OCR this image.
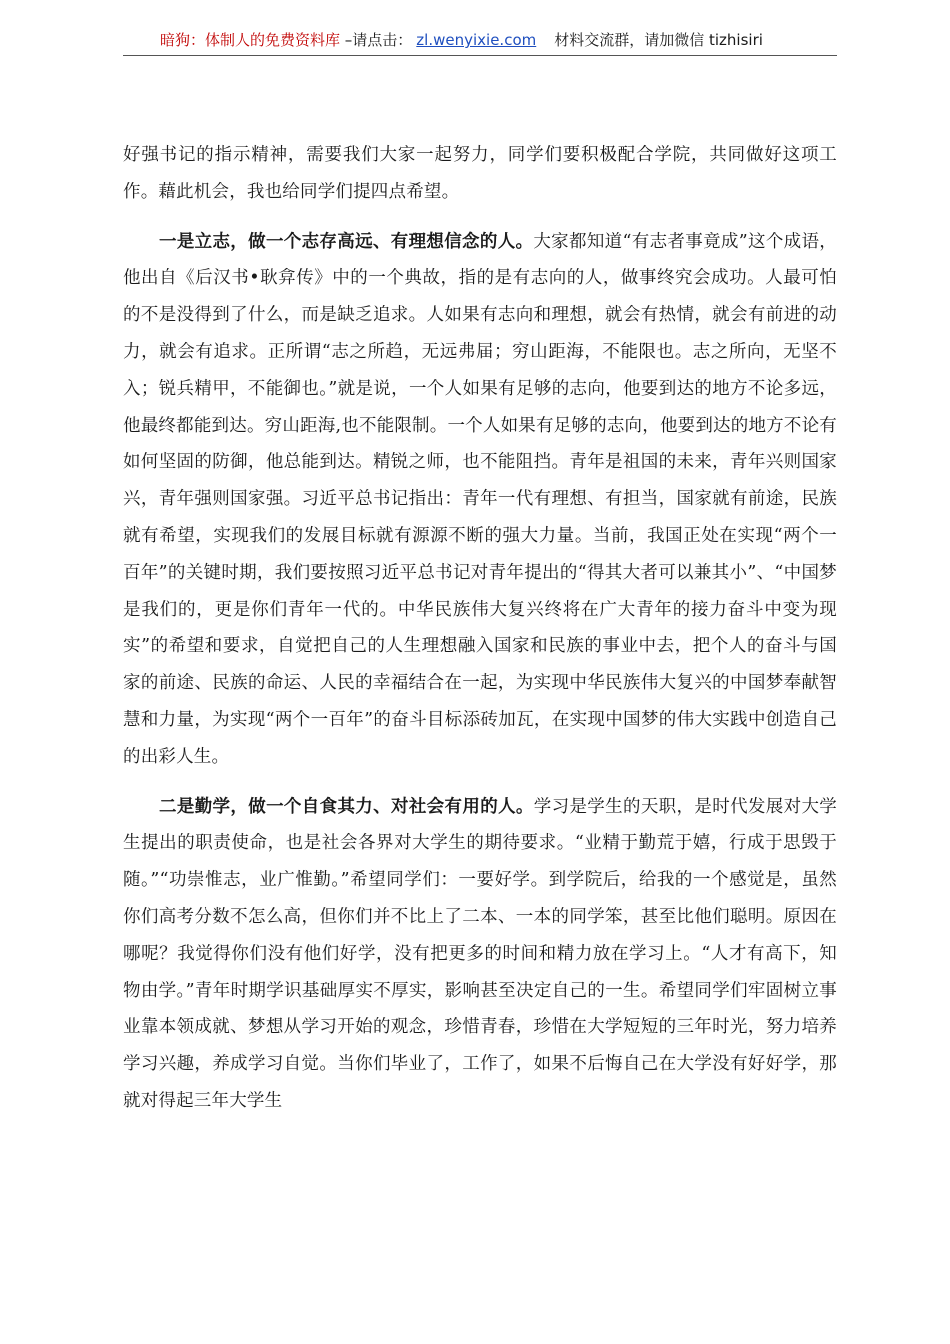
暗狗：体制人的免费资料库 –请点击： zl.wenyixie.com 材料交流群，请加微信 tizhisiri

好强书记的指示精神，需要我们大家一起努力，同学们要积极配合学院，共同做好这项工作。藉此机会，我也给同学们提四点希望。

一是立志，做一个志存高远、有理想信念的人。大家都知道“有志者事竟成”这个成语，他出自《后汉书•耿弇传》中的一个典故，指的是有志向的人，做事终究会成功。人最可怕的不是没得到了什么，而是缺乏追求。人如果有志向和理想，就会有热情，就会有前进的动力，就会有追求。正所谓“志之所趋，无远弗届；穷山距海，不能限也。志之所向，无坚不入；锐兵精甲，不能御也。”就是说，一个人如果有足够的志向，他要到达的地方不论多远，他最终都能到达。穷山距海,也不能限制。一个人如果有足够的志向，他要到达的地方不论有如何坚固的防御，他总能到达。精锐之师，也不能阻挡。青年是祖国的未来，青年兴则国家兴，青年强则国家强。习近平总书记指出：青年一代有理想、有担当，国家就有前途，民族就有希望，实现我们的发展目标就有源源不断的强大力量。当前，我国正处在实现“两个一百年”的关键时期，我们要按照习近平总书记对青年提出的“得其大者可以兼其小”、“中国梦是我们的，更是你们青年一代的。中华民族伟大复兴终将在广大青年的接力奋斗中变为现实”的希望和要求，自觉把自己的人生理想融入国家和民族的事业中去，把个人的奋斗与国家的前途、民族的命运、人民的幸福结合在一起，为实现中华民族伟大复兴的中国梦奉献智慧和力量，为实现“两个一百年”的奋斗目标添砖加瓦，在实现中国梦的伟大实践中创造自己的出彩人生。

二是勤学，做一个自食其力、对社会有用的人。学习是学生的天职，是时代发展对大学生提出的职责使命，也是社会各界对大学生的期待要求。“业精于勤荒于嬉，行成于思毁于随。”“功崇惟志，业广惟勤。”希望同学们：一要好学。到学院后，给我的一个感觉是，虽然你们高考分数不怎么高，但你们并不比上了二本、一本的同学笨，甚至比他们聪明。原因在哪呢？我觉得你们没有他们好学，没有把更多的时间和精力放在学习上。“人才有高下，知物由学。”青年时期学识基础厚实不厚实，影响甚至决定自己的一生。希望同学们牢固树立事业靠本领成就、梦想从学习开始的观念，珍惜青春，珍惜在大学短短的三年时光，努力培养学习兴趣，养成学习自觉。当你们毕业了，工作了，如果不后悔自己在大学没有好好学，那就对得起三年大学生
